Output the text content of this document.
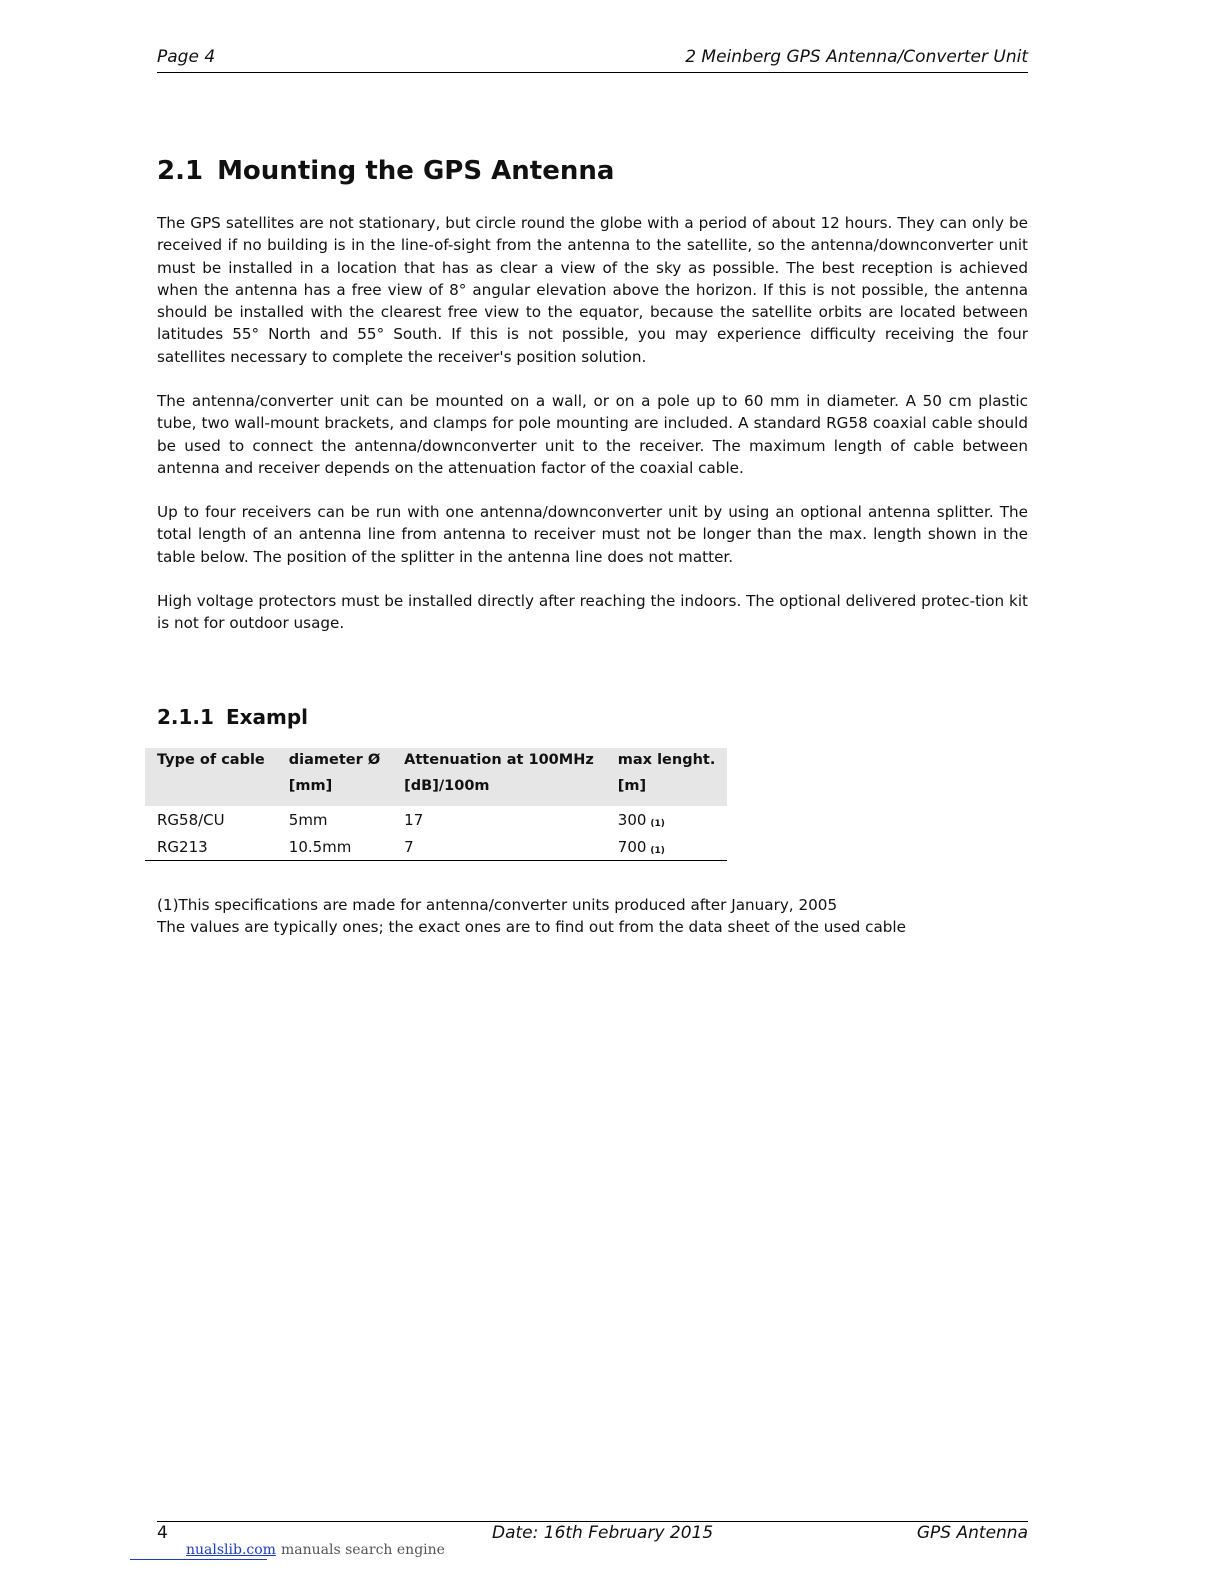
Page 4	2 Meinberg GPS Antenna/Converter Unit
2.1 Mounting the GPS Antenna

The GPS satellites are not stationary, but circle round the globe with a period of about 12 hours. They can only be received if no building is in the line-of-sight from the antenna to the satellite, so the antenna/downconverter unit must be installed in a location that has as clear a view of the sky as possible. The best reception is achieved when the antenna has a free view of 8° angular elevation above the horizon. If this is not possible, the antenna should be installed with the clearest free view to the equator, because the satellite orbits are located between latitudes 55° North and 55° South. If this is not possible, you may experience difficulty receiving the four satellites necessary to complete the receiver's position solution.

The antenna/converter unit can be mounted on a wall, or on a pole up to 60 mm in diameter. A 50 cm plastic tube, two wall-mount brackets, and clamps for pole mounting are included. A standard RG58 coaxial cable should be used to connect the antenna/downconverter unit to the receiver. The maximum length of cable between antenna and receiver depends on the attenuation factor of the coaxial cable.

Up to four receivers can be run with one antenna/downconverter unit by using an optional antenna splitter. The total length of an antenna line from antenna to receiver must not be longer than the max. length shown in the table below. The position of the splitter in the antenna line does not matter.

High voltage protectors must be installed directly after reaching the indoors. The optional delivered protec-tion kit is not for outdoor usage.

2.1.1 Exampl
Type of cable	diameter Ø	Attenuation at 100MHz	max lenght.
	[mm]	[dB]/100m	[m]
RG58/CU	5mm	17	300 (1)
RG213	10.5mm	7	700 (1)
(1)This specifications are made for antenna/converter units produced after January, 2005
The values are typically ones; the exact ones are to find out from the data sheet of the used cable
4	Date: 16th February 2015	GPS Antenna
nualslib.com manuals search engine
